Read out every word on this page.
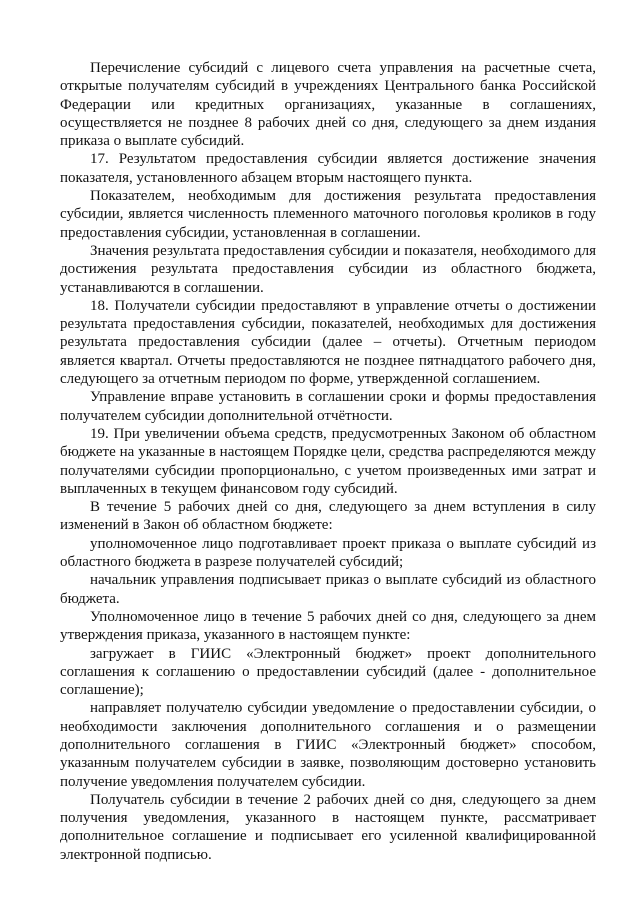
Перечисление субсидий с лицевого счета управления на расчетные счета, открытые получателям субсидий в учреждениях Центрального банка Российской Федерации или кредитных организациях, указанные в соглашениях, осуществляется не позднее 8 рабочих дней со дня, следующего за днем издания приказа о выплате субсидий.

17. Результатом предоставления субсидии является достижение значения показателя, установленного абзацем вторым настоящего пункта.

Показателем, необходимым для достижения результата предоставления субсидии, является численность племенного маточного поголовья кроликов в году предоставления субсидии, установленная в соглашении.

Значения результата предоставления субсидии и показателя, необходимого для достижения результата предоставления субсидии из областного бюджета, устанавливаются в соглашении.

18. Получатели субсидии предоставляют в управление отчеты о достижении результата предоставления субсидии, показателей, необходимых для достижения результата предоставления субсидии (далее – отчеты). Отчетным периодом является квартал. Отчеты предоставляются не позднее пятнадцатого рабочего дня, следующего за отчетным периодом по форме, утвержденной соглашением.

Управление вправе установить в соглашении сроки и формы предоставления получателем субсидии дополнительной отчётности.

19. При увеличении объема средств, предусмотренных Законом об областном бюджете на указанные в настоящем Порядке цели, средства распределяются между получателями субсидии пропорционально, с учетом произведенных ими затрат и выплаченных в текущем финансовом году субсидий.

В течение 5 рабочих дней со дня, следующего за днем вступления в силу изменений в Закон об областном бюджете:

уполномоченное лицо подготавливает проект приказа о выплате субсидий из областного бюджета в разрезе получателей субсидий;

начальник управления подписывает приказ о выплате субсидий из областного бюджета.

Уполномоченное лицо в течение 5 рабочих дней со дня, следующего за днем утверждения приказа, указанного в настоящем пункте:

загружает в ГИИС «Электронный бюджет» проект дополнительного соглашения к соглашению о предоставлении субсидий (далее - дополнительное соглашение);

направляет получателю субсидии уведомление о предоставлении субсидии, о необходимости заключения дополнительного соглашения и о размещении дополнительного соглашения в ГИИС «Электронный бюджет» способом, указанным получателем субсидии в заявке, позволяющим достоверно установить получение уведомления получателем субсидии.

Получатель субсидии в течение 2 рабочих дней со дня, следующего за днем получения уведомления, указанного в настоящем пункте, рассматривает дополнительное соглашение и подписывает его усиленной квалифицированной электронной подписью.
